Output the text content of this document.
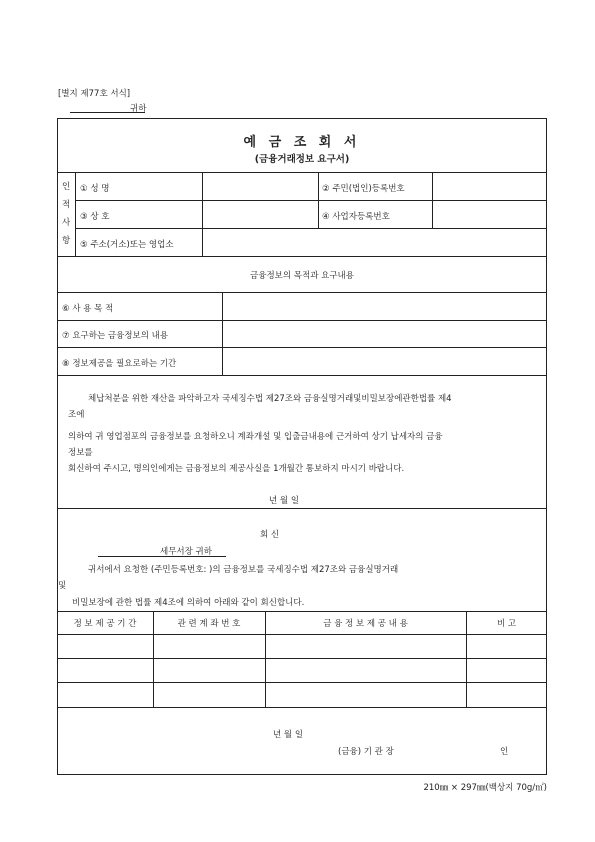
[별지 제77호 서식]
귀하
예 금 조 회 서
(금융거래정보 요구서)
인
적
사
항
① 성 명	② 주민(법인)등록번호
③ 상 호	④ 사업자등록번호
⑤ 주소(거소)또는 영업소
금융정보의 목적과 요구내용
⑥ 사 용 목 적
⑦ 요구하는 금융정보의 내용
⑧ 정보제공을 필요로하는 기간
체납처분을 위한 재산을 파악하고자 국세징수법 제27조와 금융실명거래및비밀보장에관한법률 제4
조에
의하여 귀 영업점포의 금융정보를 요청하오니 계좌개설 및 입출금내용에 근거하여 상기 납세자의 금융
정보를
회신하여 주시고, 명의인에게는 금융정보의 제공사실을 1개월간 통보하지 마시기 바랍니다.
년 월 일
회 신
세무서장 귀하
귀서에서 요청한 (주민등록번호: )의 금융정보를 국세징수법 제27조와 금융실명거래
및
비밀보장에 관한 법률 제4조에 의하여 아래와 같이 회신합니다.
정 보 제 공 기 간	관 련 계 좌 번 호	금 융 정 보 제 공 내 용	비 고
년 월 일
(금융) 기 관 장	인
210㎜ × 297㎜(백상지 70g/㎡)
